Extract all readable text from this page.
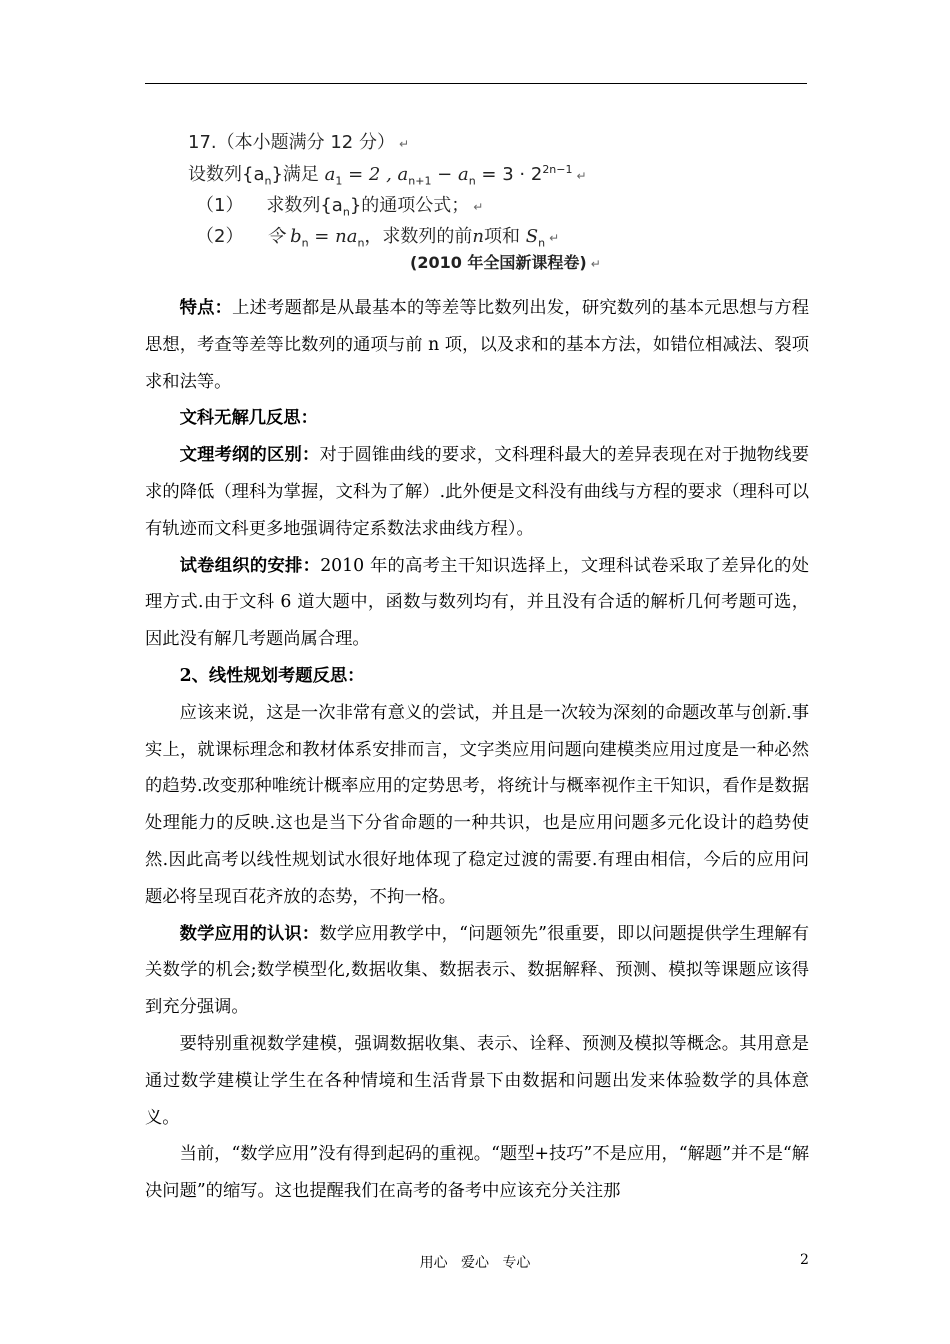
17.（本小题满分 12 分） ↵
设数列$\{a_n\}$满足 $a_1 = 2$ , $a_{n+1} - a_n = 3 \cdot 2^{2n-1}$ ↵
（1） 求数列$\{a_n\}$的通项公式； ↵
（2） 令 $b_n = na_n$，求数列的前n项和 $S_n$ ↵
(2010 年全国新课程卷) ↵

特点：上述考题都是从最基本的等差等比数列出发，研究数列的基本元思想与方程思想，考查等差等比数列的通项与前 n 项，以及求和的基本方法，如错位相减法、裂项求和法等。

文科无解几反思：

文理考纲的区别：对于圆锥曲线的要求，文科理科最大的差异表现在对于抛物线要求的降低（理科为掌握，文科为了解）.此外便是文科没有曲线与方程的要求（理科可以有轨迹而文科更多地强调待定系数法求曲线方程）。

试卷组织的安排：2010 年的高考主干知识选择上，文理科试卷采取了差异化的处理方式.由于文科 6 道大题中，函数与数列均有，并且没有合适的解析几何考题可选，因此没有解几考题尚属合理。

2、线性规划考题反思：

应该来说，这是一次非常有意义的尝试，并且是一次较为深刻的命题改革与创新.事实上，就课标理念和教材体系安排而言，文字类应用问题向建模类应用过度是一种必然的趋势.改变那种唯统计概率应用的定势思考，将统计与概率视作主干知识，看作是数据处理能力的反映.这也是当下分省命题的一种共识，也是应用问题多元化设计的趋势使然.因此高考以线性规划试水很好地体现了稳定过渡的需要.有理由相信，今后的应用问题必将呈现百花齐放的态势，不拘一格。

数学应用的认识：数学应用教学中，“问题领先”很重要，即以问题提供学生理解有关数学的机会;数学模型化,数据收集、数据表示、数据解释、预测、模拟等课题应该得到充分强调。

要特别重视数学建模，强调数据收集、表示、诠释、预测及模拟等概念。其用意是通过数学建模让学生在各种情境和生活背景下由数据和问题出发来体验数学的具体意义。

当前，“数学应用”没有得到起码的重视。“题型+技巧”不是应用，“解题”并不是“解决问题”的缩写。这也提醒我们在高考的备考中应该充分关注那

用心   爱心   专心	2
